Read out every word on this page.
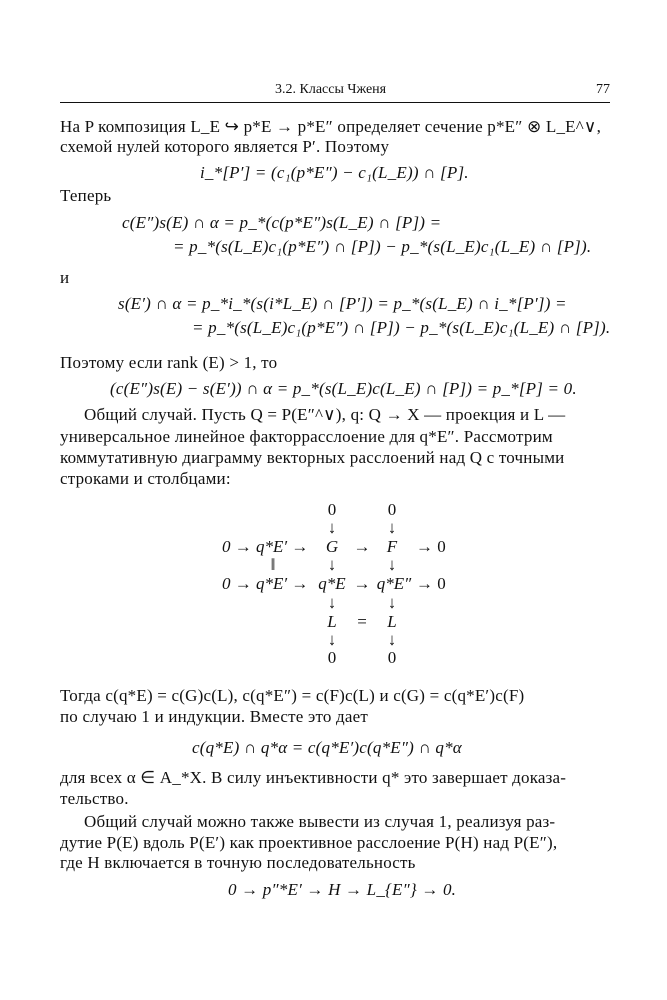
3.2. Классы Чженя	77
На P композиция L_E ↪ p*E → p*E″ определяет сечение p*E″ ⊗ L_E^∨,
схемой нулей которого является P′. Поэтому
i_*[P′] = (c₁(p*E″) − c₁(L_E)) ∩ [P].
Теперь
c(E″)s(E) ∩ α = p_*(c(p*E″)s(L_E) ∩ [P]) =
= p_*(s(L_E)c₁(p*E″) ∩ [P]) − p_*(s(L_E)c₁(L_E) ∩ [P]).
и
s(E′) ∩ α = p_*i_*(s(i*L_E) ∩ [P′]) = p_*(s(L_E) ∩ i_*[P′]) =
= p_*(s(L_E)c₁(p*E″) ∩ [P]) − p_*(s(L_E)c₁(L_E) ∩ [P]).
Поэтому если rank (E) > 1, то
(c(E″)s(E) − s(E′)) ∩ α = p_*(s(L_E)c(L_E) ∩ [P]) = p_*[P] = 0.
Общий случай. Пусть Q = P(E″^∨), q: Q → X — проекция и L —
универсальное линейное факторрасслоение для q*E″. Рассмотрим
коммутативную диаграмму векторных расслоений над Q с точными
строками и столбцами:
0	0
↓	↓
0 → q*E′ →	G → F	→ 0
‖	↓	↓
0 → q*E′ → q*E → q*E″ → 0
↓	↓
L	=	L
↓	↓
0	0
Тогда c(q*E) = c(G)c(L), c(q*E″) = c(F)c(L) и c(G) = c(q*E′)c(F)
по случаю 1 и индукции. Вместе это дает
c(q*E) ∩ q*α = c(q*E′)c(q*E″) ∩ q*α
для всех α ∈ A_*X. В силу инъективности q* это завершает доказа-
тельство.
Общий случай можно также вывести из случая 1, реализуя раз-
дутие P(E) вдоль P(E′) как проективное расслоение P(H) над P(E″),
где H включается в точную последовательность
0 → p″*E′ → H → L_{E″} → 0.
